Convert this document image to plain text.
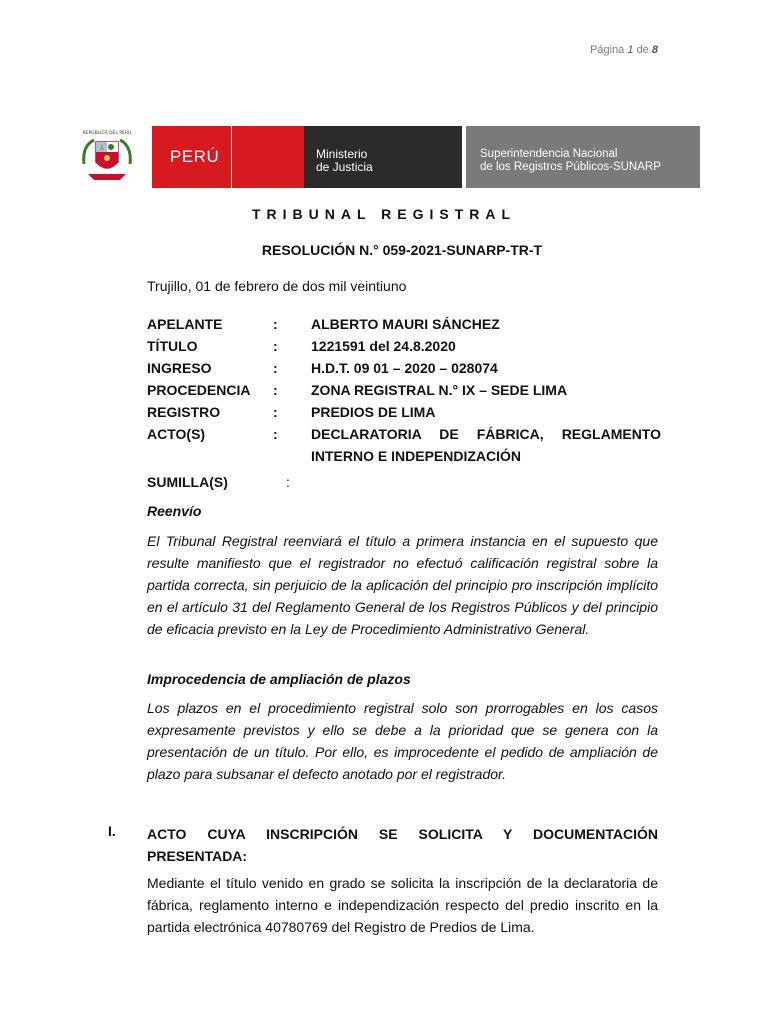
Página 1 de 8
REPÚBLICA DEL PERÚ
PERÚ	Ministerio
de Justicia
Superintendencia Nacional
de los Registros Públicos-SUNARP
TRIBUNAL REGISTRAL
RESOLUCIÓN N.° 059-2021-SUNARP-TR-T
Trujillo, 01 de febrero de dos mil veintiuno
APELANTE	:	ALBERTO MAURI SÁNCHEZ
TÍTULO	:	1221591 del 24.8.2020
INGRESO	:	H.D.T. 09 01 – 2020 – 028074
PROCEDENCIA	:	ZONA REGISTRAL N.° IX – SEDE LIMA
REGISTRO	:	PREDIOS DE LIMA
ACTO(S)	:	DECLARATORIA DE FÁBRICA, REGLAMENTO INTERNO E INDEPENDIZACIÓN
SUMILLA(S)	:
Reenvío
El Tribunal Registral reenviará el título a primera instancia en el supuesto que resulte manifiesto que el registrador no efectuó calificación registral sobre la partida correcta, sin perjuicio de la aplicación del principio pro inscripción implícito en el artículo 31 del Reglamento General de los Registros Públicos y del principio de eficacia previsto en la Ley de Procedimiento Administrativo General.
Improcedencia de ampliación de plazos
Los plazos en el procedimiento registral solo son prorrogables en los casos expresamente previstos y ello se debe a la prioridad que se genera con la presentación de un título. Por ello, es improcedente el pedido de ampliación de plazo para subsanar el defecto anotado por el registrador.
I. ACTO CUYA INSCRIPCIÓN SE SOLICITA Y DOCUMENTACIÓN PRESENTADA:
Mediante el título venido en grado se solicita la inscripción de la declaratoria de fábrica, reglamento interno e independización respecto del predio inscrito en la partida electrónica 40780769 del Registro de Predios de Lima.
